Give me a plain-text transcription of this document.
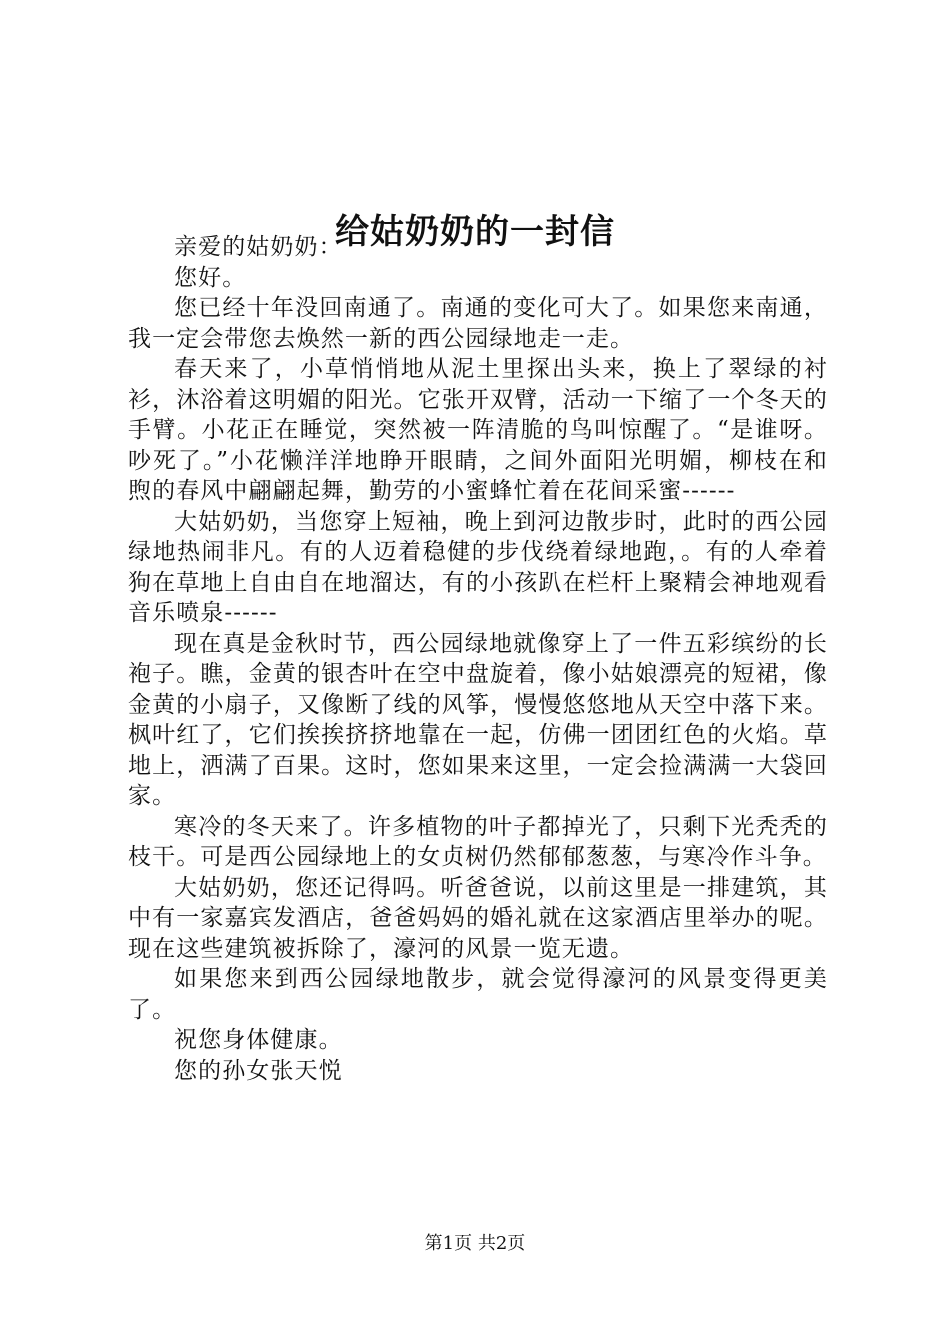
给姑奶奶的一封信

亲爱的姑奶奶：

您好。

您已经十年没回南通了。南通的变化可大了。如果您来南通，我一定会带您去焕然一新的西公园绿地走一走。

春天来了，小草悄悄地从泥土里探出头来，换上了翠绿的衬衫，沐浴着这明媚的阳光。它张开双臂，活动一下缩了一个冬天的手臂。小花正在睡觉，突然被一阵清脆的鸟叫惊醒了。“是谁呀。吵死了。”小花懒洋洋地睁开眼睛，之间外面阳光明媚，柳枝在和煦的春风中翩翩起舞，勤劳的小蜜蜂忙着在花间采蜜------

大姑奶奶，当您穿上短袖，晚上到河边散步时，此时的西公园绿地热闹非凡。有的人迈着稳健的步伐绕着绿地跑，。有的人牵着狗在草地上自由自在地溜达，有的小孩趴在栏杆上聚精会神地观看音乐喷泉------

现在真是金秋时节，西公园绿地就像穿上了一件五彩缤纷的长袍子。瞧，金黄的银杏叶在空中盘旋着，像小姑娘漂亮的短裙，像金黄的小扇子，又像断了线的风筝，慢慢悠悠地从天空中落下来。枫叶红了，它们挨挨挤挤地靠在一起，仿佛一团团红色的火焰。草地上，洒满了百果。这时，您如果来这里，一定会捡满满一大袋回家。

寒冷的冬天来了。许多植物的叶子都掉光了，只剩下光秃秃的枝干。可是西公园绿地上的女贞树仍然郁郁葱葱，与寒冷作斗争。

大姑奶奶，您还记得吗。听爸爸说，以前这里是一排建筑，其中有一家嘉宾发酒店，爸爸妈妈的婚礼就在这家酒店里举办的呢。现在这些建筑被拆除了，濠河的风景一览无遗。

如果您来到西公园绿地散步，就会觉得濠河的风景变得更美了。

祝您身体健康。

您的孙女张天悦

第1页 共2页
